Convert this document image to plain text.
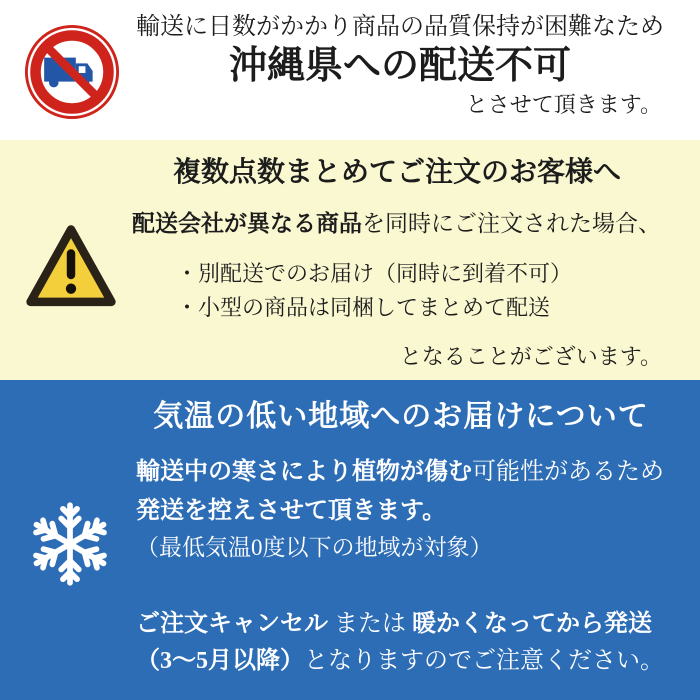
輸送に日数がかかり商品の品質保持が困難なため
沖縄県への配送不可
とさせて頂きます。
複数点数まとめてご注文のお客様へ
配送会社が異なる商品を同時にご注文された場合、
・別配送でのお届け（同時に到着不可）
・小型の商品は同梱してまとめて配送
となることがございます。
気温の低い地域へのお届けについて
輸送中の寒さにより植物が傷む可能性があるため
発送を控えさせて頂きます。
（最低気温0度以下の地域が対象）
ご注文キャンセル または 暖かくなってから発送
（3～5月以降）となりますのでご注意ください。
